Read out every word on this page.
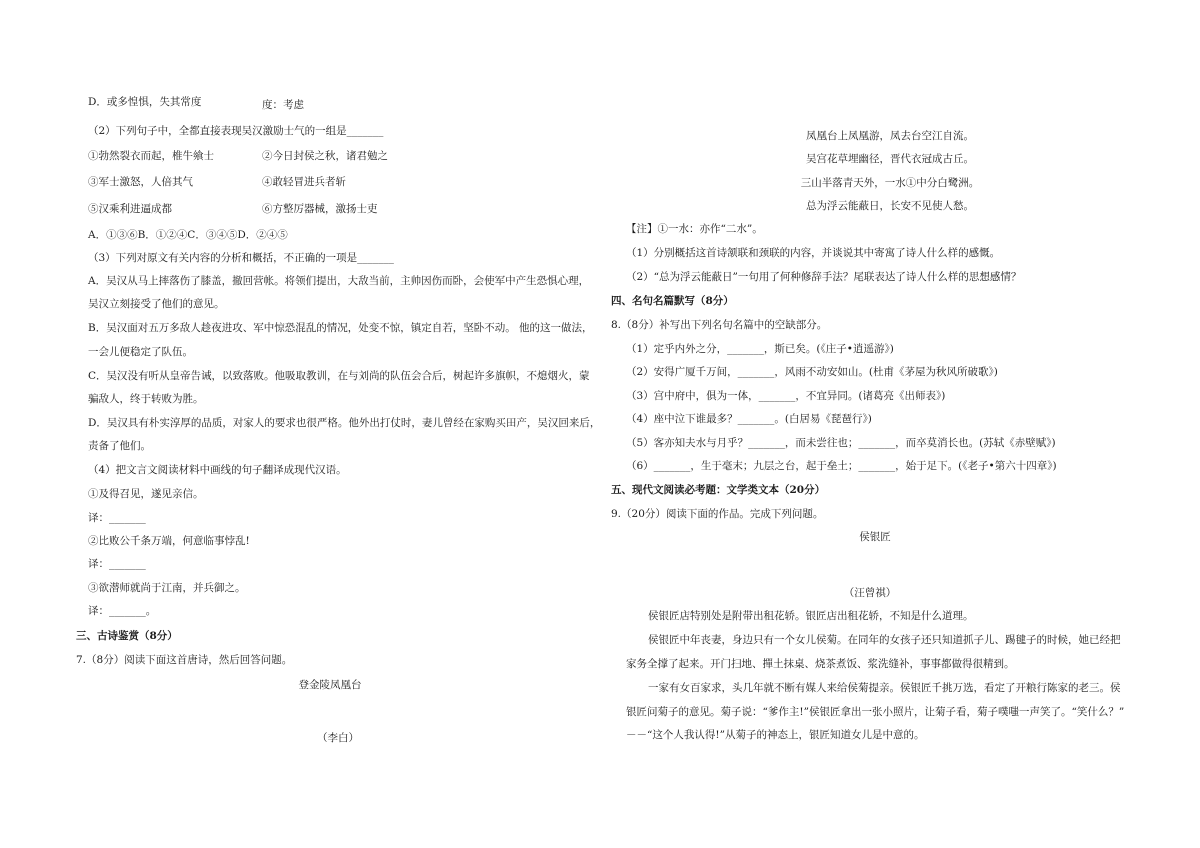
D．或多惶惧，失其常度	度：考虑
（2）下列句子中，全都直接表现吴汉激励士气的一组是_______
①勃然裂衣而起，椎牛飨士	②今日封侯之秋，诸君勉之
③军士激怒，人倍其气	④敢轻冒进兵者斩
⑤汉乘利进逼成都	⑥方整厉器械，激扬士吏
A．①③⑥B．①②④C．③④⑤D．②④⑤
（3）下列对原文有关内容的分析和概括，不正确的一项是_______
A．吴汉从马上摔落伤了膝盖，撤回营帐。将领们提出，大敌当前，主帅因伤而卧，会使军中产生恐惧心理，
吴汉立刻接受了他们的意见。
B．吴汉面对五万多敌人趁夜进攻、军中惊恐混乱的情况，处变不惊，镇定自若，坚卧不动。 他的这一做法，
一会儿便稳定了队伍。
C．吴汉没有听从皇帝告诫，以致落败。他吸取教训，在与刘尚的队伍会合后，树起许多旗帜，不熄烟火，蒙
骗敌人，终于转败为胜。
D．吴汉具有朴实淳厚的品质，对家人的要求也很严格。他外出打仗时，妻儿曾经在家购买田产，吴汉回来后，
责备了他们。
（4）把文言文阅读材料中画线的句子翻译成现代汉语。
①及得召见，遂见亲信。
译：_______
②比败公千条万端，何意临事悖乱!
译：_______
③欲潜师就尚于江南，并兵御之。
译：_______。
三、古诗鉴赏（8分）
7.（8分）阅读下面这首唐诗，然后回答问题。
登金陵凤凰台
（李白）
凤凰台上凤凰游，凤去台空江自流。
吴宫花草埋幽径，晋代衣冠成古丘。
三山半落青天外，一水①中分白鹭洲。
总为浮云能蔽日，长安不见使人愁。
【注】①一水：亦作“二水”。
（1）分别概括这首诗颔联和颈联的内容，并谈说其中寄寓了诗人什么样的感慨。
（2）“总为浮云能蔽日”一句用了何种修辞手法？尾联表达了诗人什么样的思想感情？
四、名句名篇默写（8分）
8.（8分）补写出下列名句名篇中的空缺部分。
（1）定乎内外之分，_______，斯已矣。(《庄子•逍遥游》)
（2）安得广厦千万间，_______，风雨不动安如山。(杜甫《茅屋为秋风所破歌》)
（3）宫中府中，俱为一体，_______，不宜异同。(诸葛亮《出师表》)
（4）座中泣下谁最多？_______。(白居易《琵琶行》)
（5）客亦知夫水与月乎？_______，而未尝往也；_______，而卒莫消长也。(苏轼《赤壁赋》)
（6）_______，生于毫末；九层之台，起于垒土；_______，始于足下。(《老子•第六十四章》)
五、现代文阅读必考题：文学类文本（20分）
9.（20分）阅读下面的作品。完成下列问题。
侯银匠
（汪曾祺）
侯银匠店特别处是附带出租花轿。银匠店出租花轿，不知是什么道理。
侯银匠中年丧妻，身边只有一个女儿侯菊。在同年的女孩子还只知道抓子儿、踢毽子的时候，她已经把
家务全撑了起来。开门扫地、撣土抹桌、烧茶煮饭、浆洗缝补，事事都做得很精到。
一家有女百家求，头几年就不断有媒人来给侯菊提亲。侯银匠千挑万选，看定了开粮行陈家的老三。侯
银匠问菊子的意见。菊子说：“爹作主!”侯银匠拿出一张小照片，让菊子看，菊子噗嗤一声笑了。“笑什么？”
－－“这个人我认得!”从菊子的神态上，银匠知道女儿是中意的。
